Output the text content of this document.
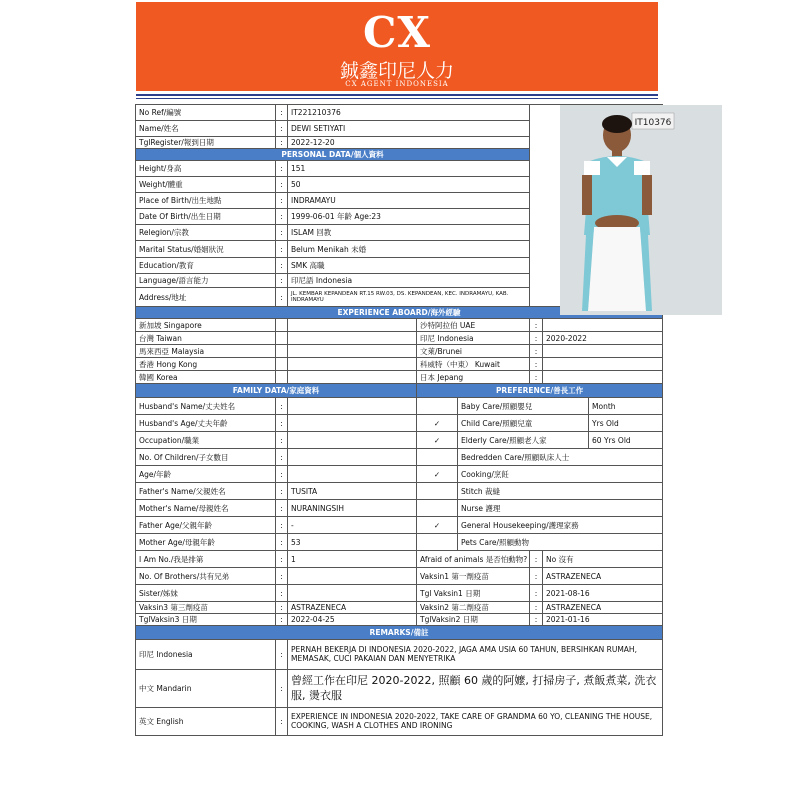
CX
鋮鑫印尼人力
CX AGENT INDONESIA
No Ref/編號	:	IT221210376		IT10376	

Name/姓名	:	DEWI SETIYATI			
TglRegister/報到日期	:	2022-12-20			
PERSONAL DATA/個人資料					
Height/身高	:	151			
Weight/體重	:	50			
Place of Birth/出生地點	:	INDRAMAYU			
Date Of Birth/出生日期	:	1999-06-01 年齡 Age:23			
Relegion/宗教	:	ISLAM 回教			
Marital Status/婚姻狀況	:	Belum Menikah 未婚			
Education/教育	:	SMK 高職			
Language/語言能力	:	印尼語 Indonesia			
Address/地址	:	JL. KEMBAR KEPANDEAN RT.15 RW.03, DS. KEPANDEAN, KEC. INDRAMAYU, KAB. INDRAMAYU			
EXPERIENCE ABOARD/海外經驗					
新加坡 Singapore			沙特阿拉伯 UAE	:	
台灣 Taiwan			印尼 Indonesia	:	2020-2022
馬來西亞 Malaysia			文萊/Brunei	:	
香港 Hong Kong			科威特（中東） Kuwait	:	
韓國 Korea			日本 Jepang	:	
FAMILY DATA/家庭資料			PREFERENCE/善長工作		
Husband's Name/丈夫姓名	:			Baby Care/照顧嬰兒	Month
Husband's Age/丈夫年齡	:		✓	Child Care/照顧兒童	Yrs Old
Occupation/職業	:		✓	Elderly Care/照顧老人家	60 Yrs Old
No. Of Children/子女數目	:			Bedredden Care/照顧臥床人士	
Age/年齡	:		✓	Cooking/烹飪	
Father's Name/父親姓名	:	TUSITA		Stitch 裁縫	
Mother's Name/母親姓名	:	NURANINGSIH		Nurse 護理	
Father Age/父親年齡	:	-	✓	General Housekeeping/護理家務	
Mother Age/母親年齡	:	53		Pets Care/照顧動物	
I Am No./我是排第	:	1	Afraid of animals 是否怕動物?	:	No 沒有
No. Of Brothers/共有兄弟	:		Vaksin1 第一劑疫苗	:	ASTRAZENECA
Sister/姊妹	:		Tgl Vaksin1 日期	:	2021-08-16
Vaksin3 第三劑疫苗	:	ASTRAZENECA	Vaksin2 第二劑疫苗	:	ASTRAZENECA
TglVaksin3 日期	:	2022-04-25	TglVaksin2 日期	:	2021-01-16
REMARKS/備註		
印尼 Indonesia	:	PERNAH BEKERJA DI INDONESIA 2020-2022, JAGA AMA USIA 60 TAHUN, BERSIHKAN RUMAH, MEMASAK, CUCI PAKAIAN DAN MENYETRIKA
中文 Mandarin	:	曾經工作在印尼 2020-2022, 照顧 60 歲的阿嬤, 打掃房子, 煮飯煮菜, 洗衣服, 燙衣服
英文 English	:	EXPERIENCE IN INDONESIA 2020-2022, TAKE CARE OF GRANDMA 60 YO, CLEANING THE HOUSE, COOKING, WASH A CLOTHES AND IRONING
